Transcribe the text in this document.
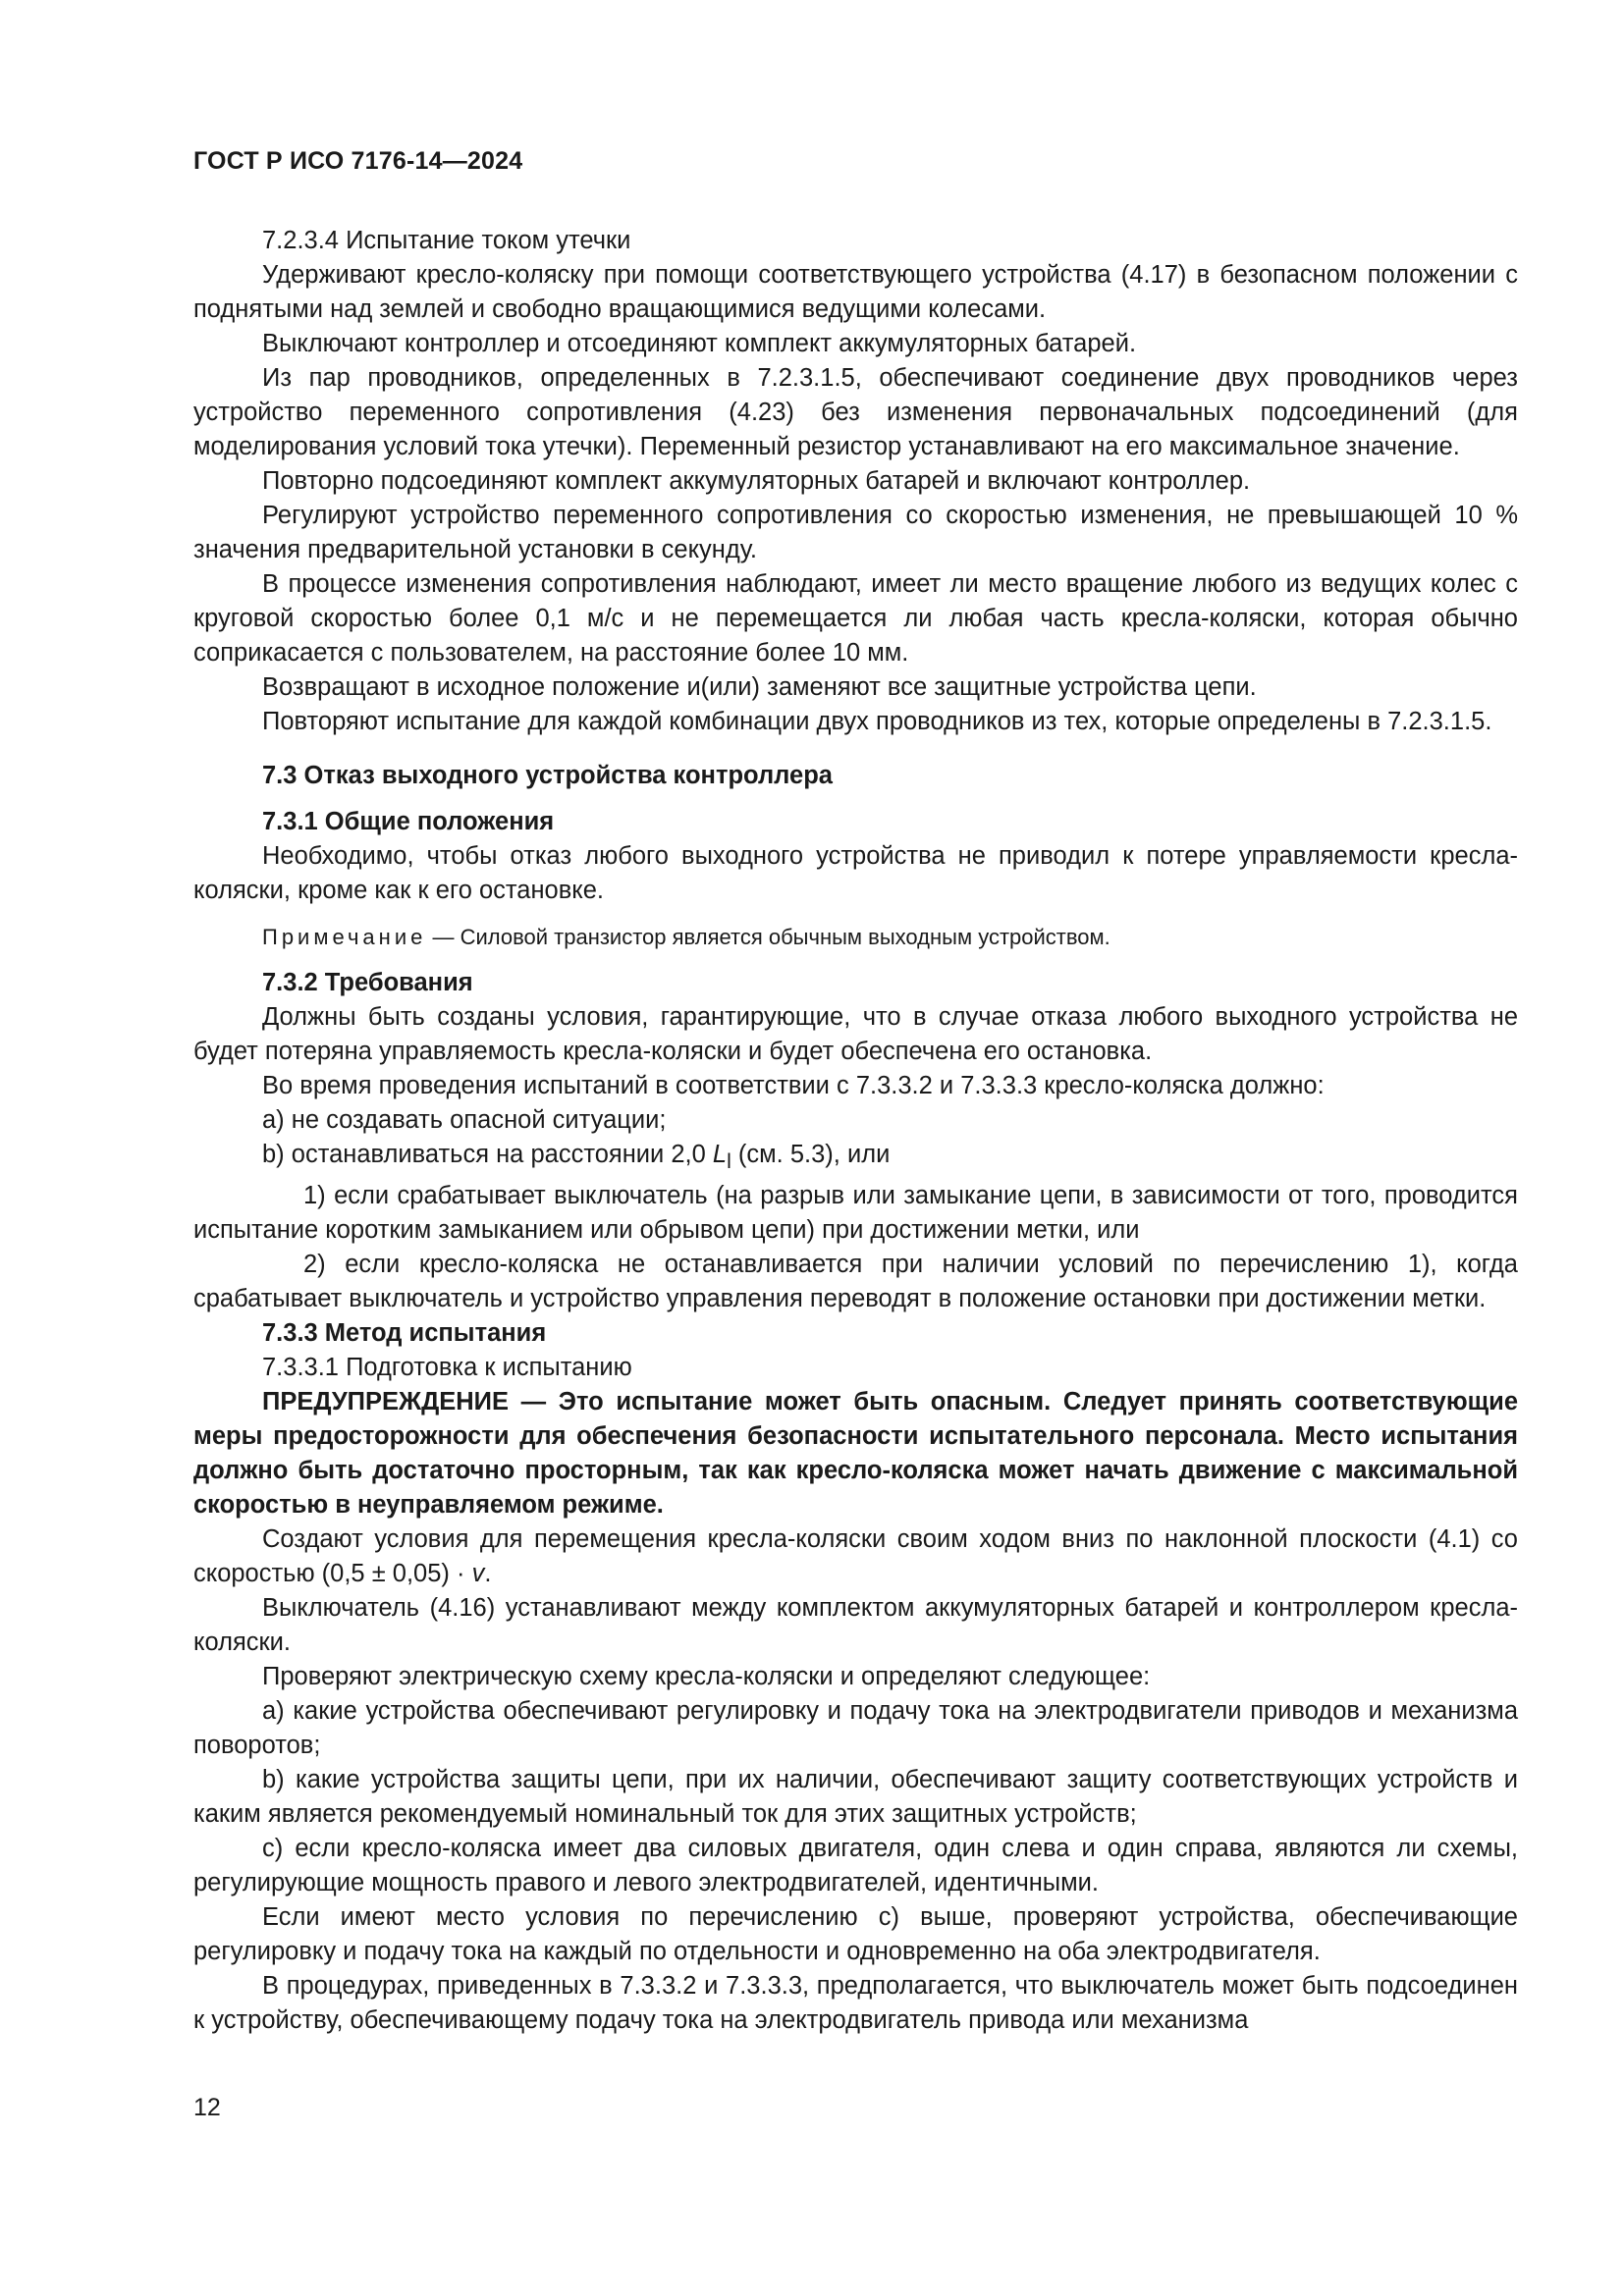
ГОСТ Р ИСО 7176-14—2024

7.2.3.4 Испытание током утечки

Удерживают кресло-коляску при помощи соответствующего устройства (4.17) в безопасном положении с поднятыми над землей и свободно вращающимися ведущими колесами.

Выключают контроллер и отсоединяют комплект аккумуляторных батарей.

Из пар проводников, определенных в 7.2.3.1.5, обеспечивают соединение двух проводников через устройство переменного сопротивления (4.23) без изменения первоначальных подсоединений (для моделирования условий тока утечки). Переменный резистор устанавливают на его максимальное значение.

Повторно подсоединяют комплект аккумуляторных батарей и включают контроллер.

Регулируют устройство переменного сопротивления со скоростью изменения, не превышающей 10 % значения предварительной установки в секунду.

В процессе изменения сопротивления наблюдают, имеет ли место вращение любого из ведущих колес с круговой скоростью более 0,1 м/с и не перемещается ли любая часть кресла-коляски, которая обычно соприкасается с пользователем, на расстояние более 10 мм.

Возвращают в исходное положение и(или) заменяют все защитные устройства цепи.

Повторяют испытание для каждой комбинации двух проводников из тех, которые определены в 7.2.3.1.5.

7.3 Отказ выходного устройства контроллера
7.3.1 Общие положения

Необходимо, чтобы отказ любого выходного устройства не приводил к потере управляемости кресла-коляски, кроме как к его остановке.

Примечание — Силовой транзистор является обычным выходным устройством.

7.3.2 Требования

Должны быть созданы условия, гарантирующие, что в случае отказа любого выходного устройства не будет потеряна управляемость кресла-коляски и будет обеспечена его остановка.

Во время проведения испытаний в соответствии с 7.3.3.2 и 7.3.3.3 кресло-коляска должно:

a) не создавать опасной ситуации;

b) останавливаться на расстоянии 2,0 $L_l$ (см. 5.3), или

1) если срабатывает выключатель (на разрыв или замыкание цепи, в зависимости от того, проводится испытание коротким замыканием или обрывом цепи) при достижении метки, или

2) если кресло-коляска не останавливается при наличии условий по перечислению 1), когда срабатывает выключатель и устройство управления переводят в положение остановки при достижении метки.

7.3.3 Метод испытания

7.3.3.1 Подготовка к испытанию

ПРЕДУПРЕЖДЕНИЕ — Это испытание может быть опасным. Следует принять соответствующие меры предосторожности для обеспечения безопасности испытательного персонала. Место испытания должно быть достаточно просторным, так как кресло-коляска может начать движение с максимальной скоростью в неуправляемом режиме.

Создают условия для перемещения кресла-коляски своим ходом вниз по наклонной плоскости (4.1) со скоростью (0,5 ± 0,05) · v.

Выключатель (4.16) устанавливают между комплектом аккумуляторных батарей и контроллером кресла-коляски.

Проверяют электрическую схему кресла-коляски и определяют следующее:

а) какие устройства обеспечивают регулировку и подачу тока на электродвигатели приводов и механизма поворотов;

b) какие устройства защиты цепи, при их наличии, обеспечивают защиту соответствующих устройств и каким является рекомендуемый номинальный ток для этих защитных устройств;

c) если кресло-коляска имеет два силовых двигателя, один слева и один справа, являются ли схемы, регулирующие мощность правого и левого электродвигателей, идентичными.

Если имеют место условия по перечислению c) выше, проверяют устройства, обеспечивающие регулировку и подачу тока на каждый по отдельности и одновременно на оба электродвигателя.

В процедурах, приведенных в 7.3.3.2 и 7.3.3.3, предполагается, что выключатель может быть подсоединен к устройству, обеспечивающему подачу тока на электродвигатель привода или механизма

12
